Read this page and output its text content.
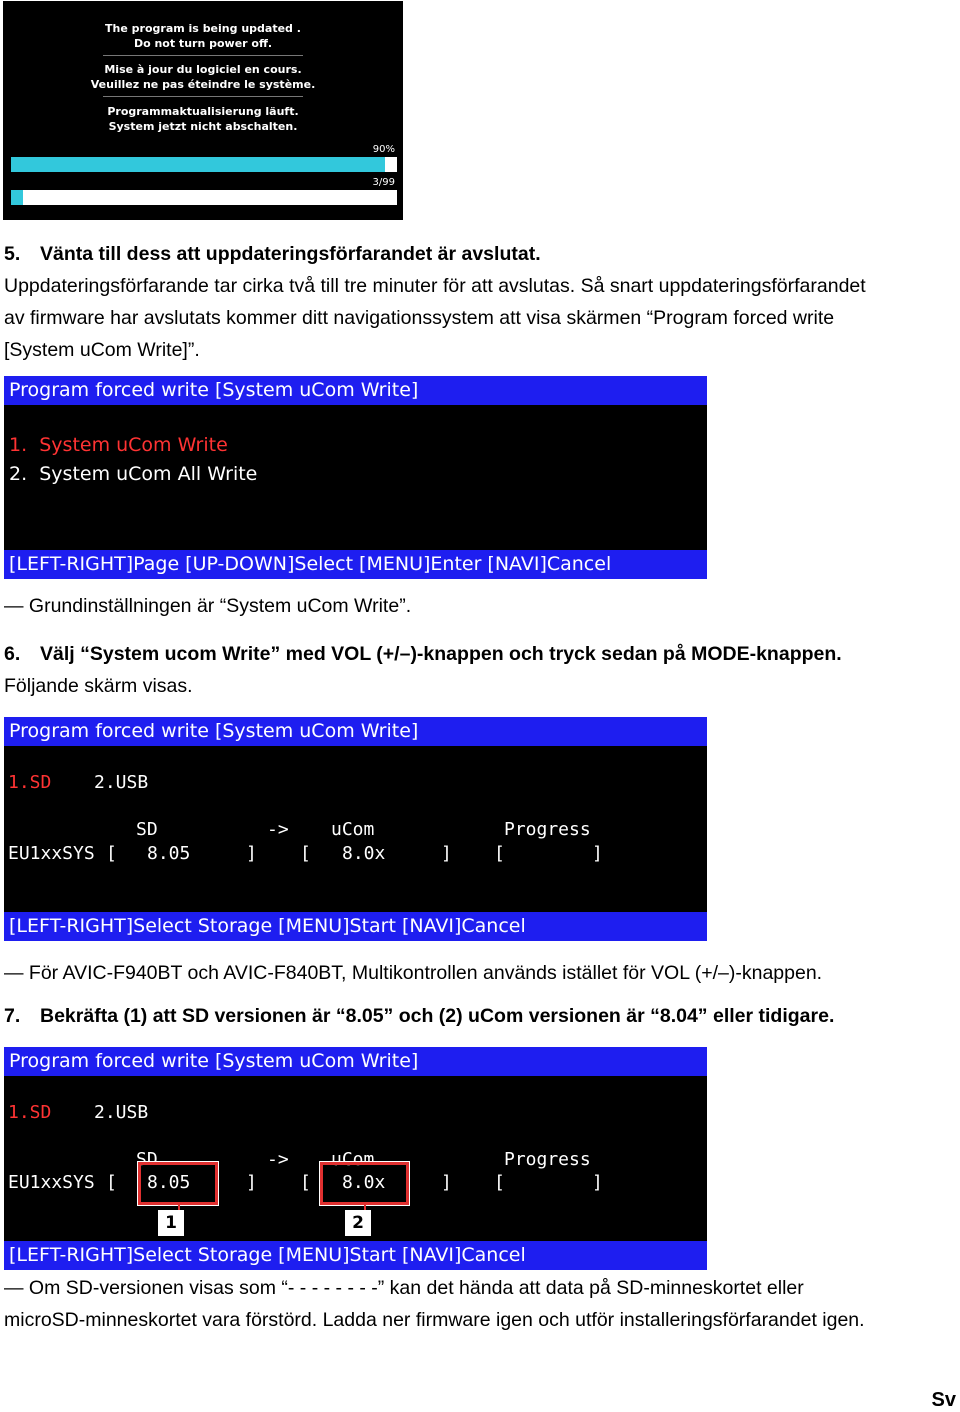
The program is being updated .
Do not turn power off.
Mise à jour du logiciel en cours.
Veuillez ne pas éteindre le système.
Programmaktualisierung läuft.
System jetzt nicht abschalten.
90%
3/99
5. Vänta till dess att uppdateringsförfarandet är avslutat.
Uppdateringsförfarande tar cirka två till tre minuter för att avslutas. Så snart uppdateringsförfarandet
av firmware har avslutats kommer ditt navigationssystem att visa skärmen “Program forced write
[System uCom Write]”.
Program forced write [System uCom Write]
1. System uCom Write
2. System uCom All Write
[LEFT-RIGHT]Page [UP-DOWN]Select [MENU]Enter [NAVI]Cancel
— Grundinställningen är “System uCom Write”.
6. Välj “System ucom Write” med VOL (+/–)-knappen och tryck sedan på MODE-knappen.
Följande skärm visas.
Program forced write [System uCom Write]
1.SD 2.USB
SD	-> uCom	Progress
EU1xxSYS [ 8.05	] [ 8.0x	] [	]
[LEFT-RIGHT]Select Storage [MENU]Start [NAVI]Cancel
— För AVIC-F940BT och AVIC-F840BT, Multikontrollen används istället för VOL (+/–)-knappen.
7. Bekräfta (1) att SD versionen är “8.05” och (2) uCom versionen är “8.04” eller tidigare.
Program forced write [System uCom Write]
1.SD 2.USB
SD	-> uCom	Progress
EU1xxSYS [ 8.05	] [ 8.0x	] [	]
1	2
[LEFT-RIGHT]Select Storage [MENU]Start [NAVI]Cancel
— Om SD-versionen visas som “- - - - - - - -” kan det hända att data på SD-minneskortet eller
microSD-minneskortet vara förstörd. Ladda ner firmware igen och utför installeringsförfarandet igen.
Sv
